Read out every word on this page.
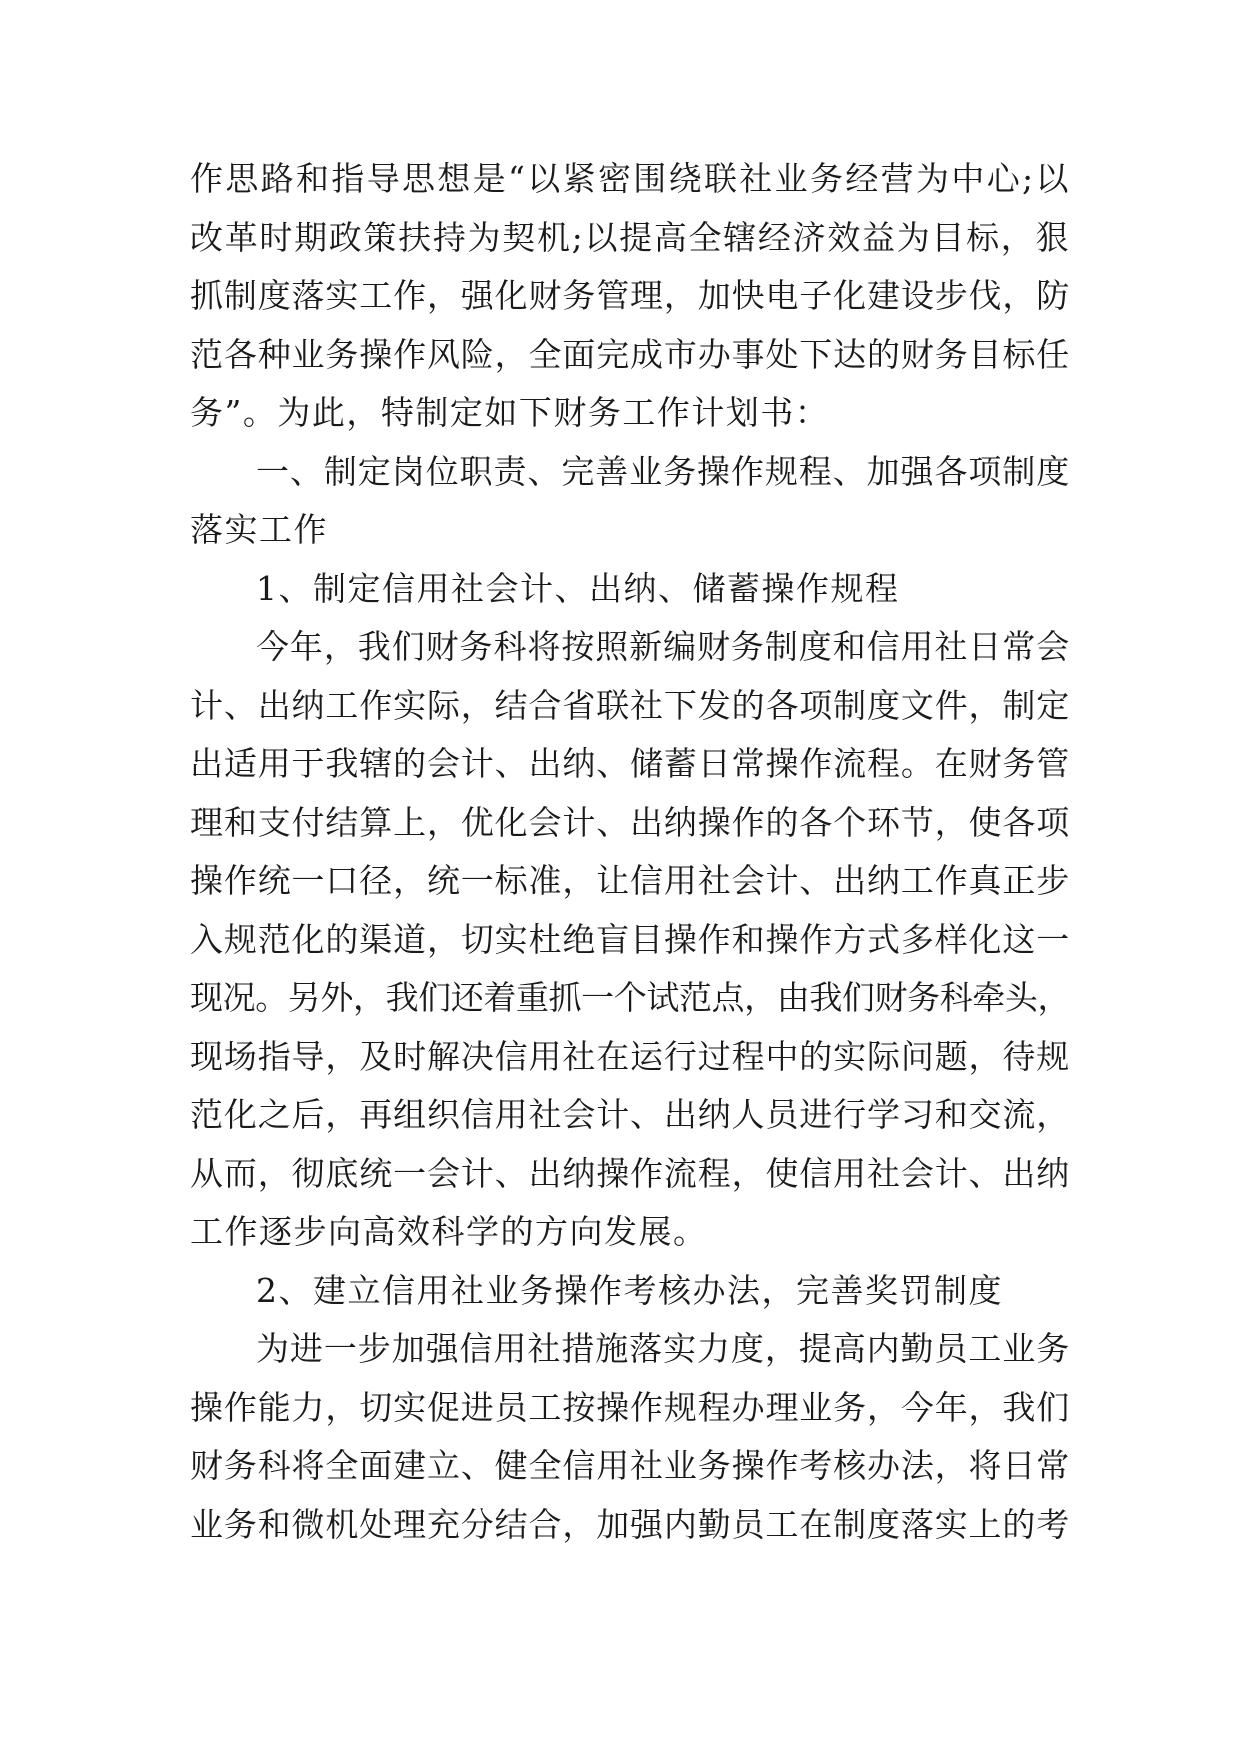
作思路和指导思想是“以紧密围绕联社业务经营为中心;以
改革时期政策扶持为契机;以提高全辖经济效益为目标，狠
抓制度落实工作，强化财务管理，加快电子化建设步伐，防
范各种业务操作风险，全面完成市办事处下达的财务目标任
务”。为此，特制定如下财务工作计划书：
一、制定岗位职责、完善业务操作规程、加强各项制度
落实工作
1、制定信用社会计、出纳、储蓄操作规程
今年，我们财务科将按照新编财务制度和信用社日常会
计、出纳工作实际，结合省联社下发的各项制度文件，制定
出适用于我辖的会计、出纳、储蓄日常操作流程。在财务管
理和支付结算上，优化会计、出纳操作的各个环节，使各项
操作统一口径，统一标准，让信用社会计、出纳工作真正步
入规范化的渠道，切实杜绝盲目操作和操作方式多样化这一
现况。另外，我们还着重抓一个试范点，由我们财务科牵头，
现场指导，及时解决信用社在运行过程中的实际问题，待规
范化之后，再组织信用社会计、出纳人员进行学习和交流，
从而，彻底统一会计、出纳操作流程，使信用社会计、出纳
工作逐步向高效科学的方向发展。
2、建立信用社业务操作考核办法，完善奖罚制度
为进一步加强信用社措施落实力度，提高内勤员工业务
操作能力，切实促进员工按操作规程办理业务，今年，我们
财务科将全面建立、健全信用社业务操作考核办法，将日常
业务和微机处理充分结合，加强内勤员工在制度落实上的考
